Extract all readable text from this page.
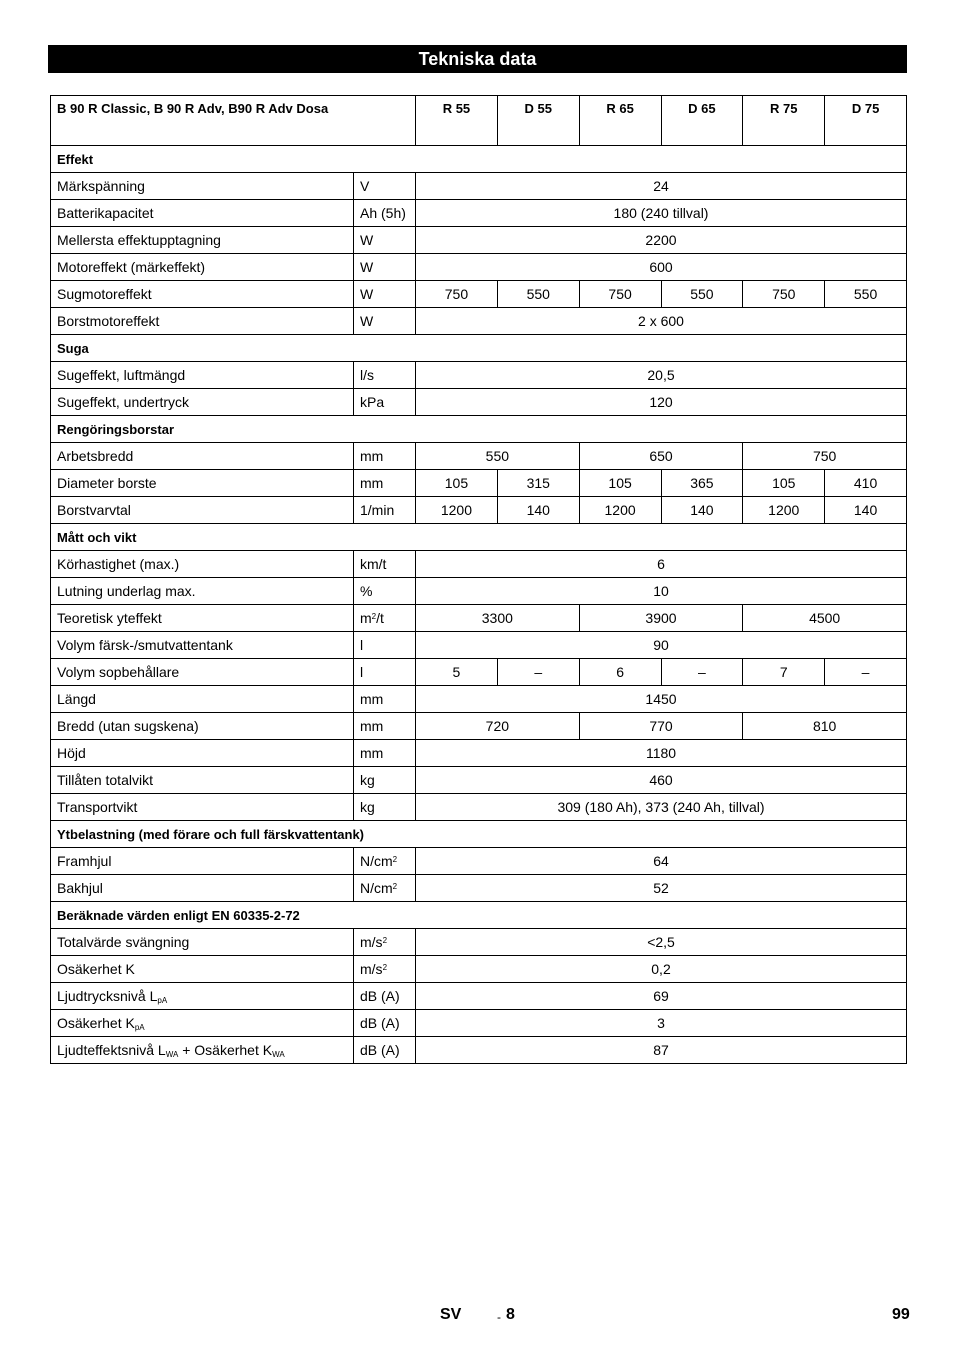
Tekniska data
B 90 R Classic, B 90 R Adv, B90 R Adv Dosa		R 55	D 55	R 65	D 65	R 75	D 75
Effekt							
Märkspänning	V	24					
Batterikapacitet	Ah (5h)	180 (240 tillval)					
Mellersta effektupptagning	W	2200					
Motoreffekt (märkeffekt)	W	600					
Sugmotoreffekt	W	750	550	750	550	750	550
Borstmotoreffekt	W	2 x 600					
Suga							
Sugeffekt, luftmängd	l/s	20,5					
Sugeffekt, undertryck	kPa	120					
Rengöringsborstar							
Arbetsbredd	mm	550		650		750	
Diameter borste	mm	105	315	105	365	105	410
Borstvarvtal	1/min	1200	140	1200	140	1200	140
Mått och vikt							
Körhastighet (max.)	km/t	6					
Lutning underlag max.	%	10					
Teoretisk yteffekt	$m^2/t$	3300		3900		4500	
Volym färsk-/smutvattentank	l	90					
Volym sopbehållare	l	5	–	6	–	7	–
Längd	mm	1450					
Bredd (utan sugskena)	mm	720		770		810	
Höjd	mm	1180					
Tillåten totalvikt	kg	460					
Transportvikt	kg	309 (180 Ah), 373 (240 Ah, tillval)					
Ytbelastning (med förare och full färskvattentank)							
Framhjul	$N/cm^2$	64					
Bakhjul	$N/cm^2$	52					
Beräknade värden enligt EN 60335-2-72							
Totalvärde svängning	$m/s^2$	<2,5					
Osäkerhet K	$m/s^2$	0,2					
Ljudtrycksnivå $L_{pA}$	dB (A)	69					
Osäkerhet $K_{pA}$	dB (A)	3					
Ljudteffektsnivå $L_{WA}$ + Osäkerhet $K_{WA}$	dB (A)	87					
SV	- 8	99
